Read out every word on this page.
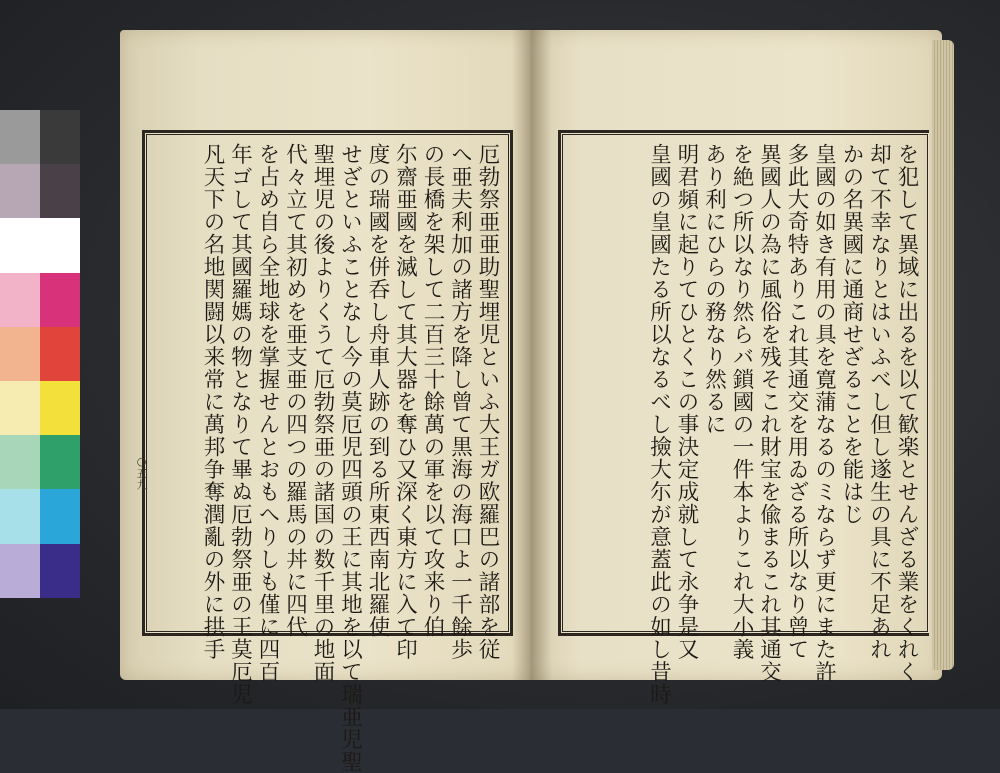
厄勃祭亜亜助聖埋児といふ大王ガ欧羅巴の諸部を従
へ亜夫利加の諸方を降し曾て黒海の海口よ一千餘歩
の長橋を架して二百三十餘萬の軍を以て攻来り伯
尓齋亜國を滅して其大器を奪ひ又深く東方に入て印
度の瑞國を併呑し舟車人跡の到る所東西南北羅使
せざといふことなし今の莫厄児四頭の王に其地を以て瑞亜児聖
聖埋児の後よりくうて厄勃祭亜の諸国の数千里の地面
代々立て其初めを亜支亜の四つの羅馬の丼に四代
を占め自ら全地球を掌握せんとおもへりしも僅に四百
年ゴして其國羅媽の物となりて畢ぬ厄勃祭亜の王莫厄児
凡天下の名地関闘以来常に萬邦争奪潤亂の外に拱手
○五九	を犯して異域に出るを以て歓楽とせんざる業をくれく
却て不幸なりとはいふべし但し遂生の具に不足あれ
かの名異國に通商せざることを能はじ
皇國の如き有用の具を寛蒲なるのミならず更にまた許
多此大奇特ありこれ其通交を用ゐざる所以なり曾て
異國人の為に風俗を残そこれ財宝を偸まるこれ其通交
を絶つ所以なり然らバ鎖國の一件本よりこれ大小義
あり利にひらの務なり然るに
明君頻に起りてひとくこの事決定成就して永争是又
皇國の皇國たる所以なるべし撿大尓が意蓋此の如し昔時
